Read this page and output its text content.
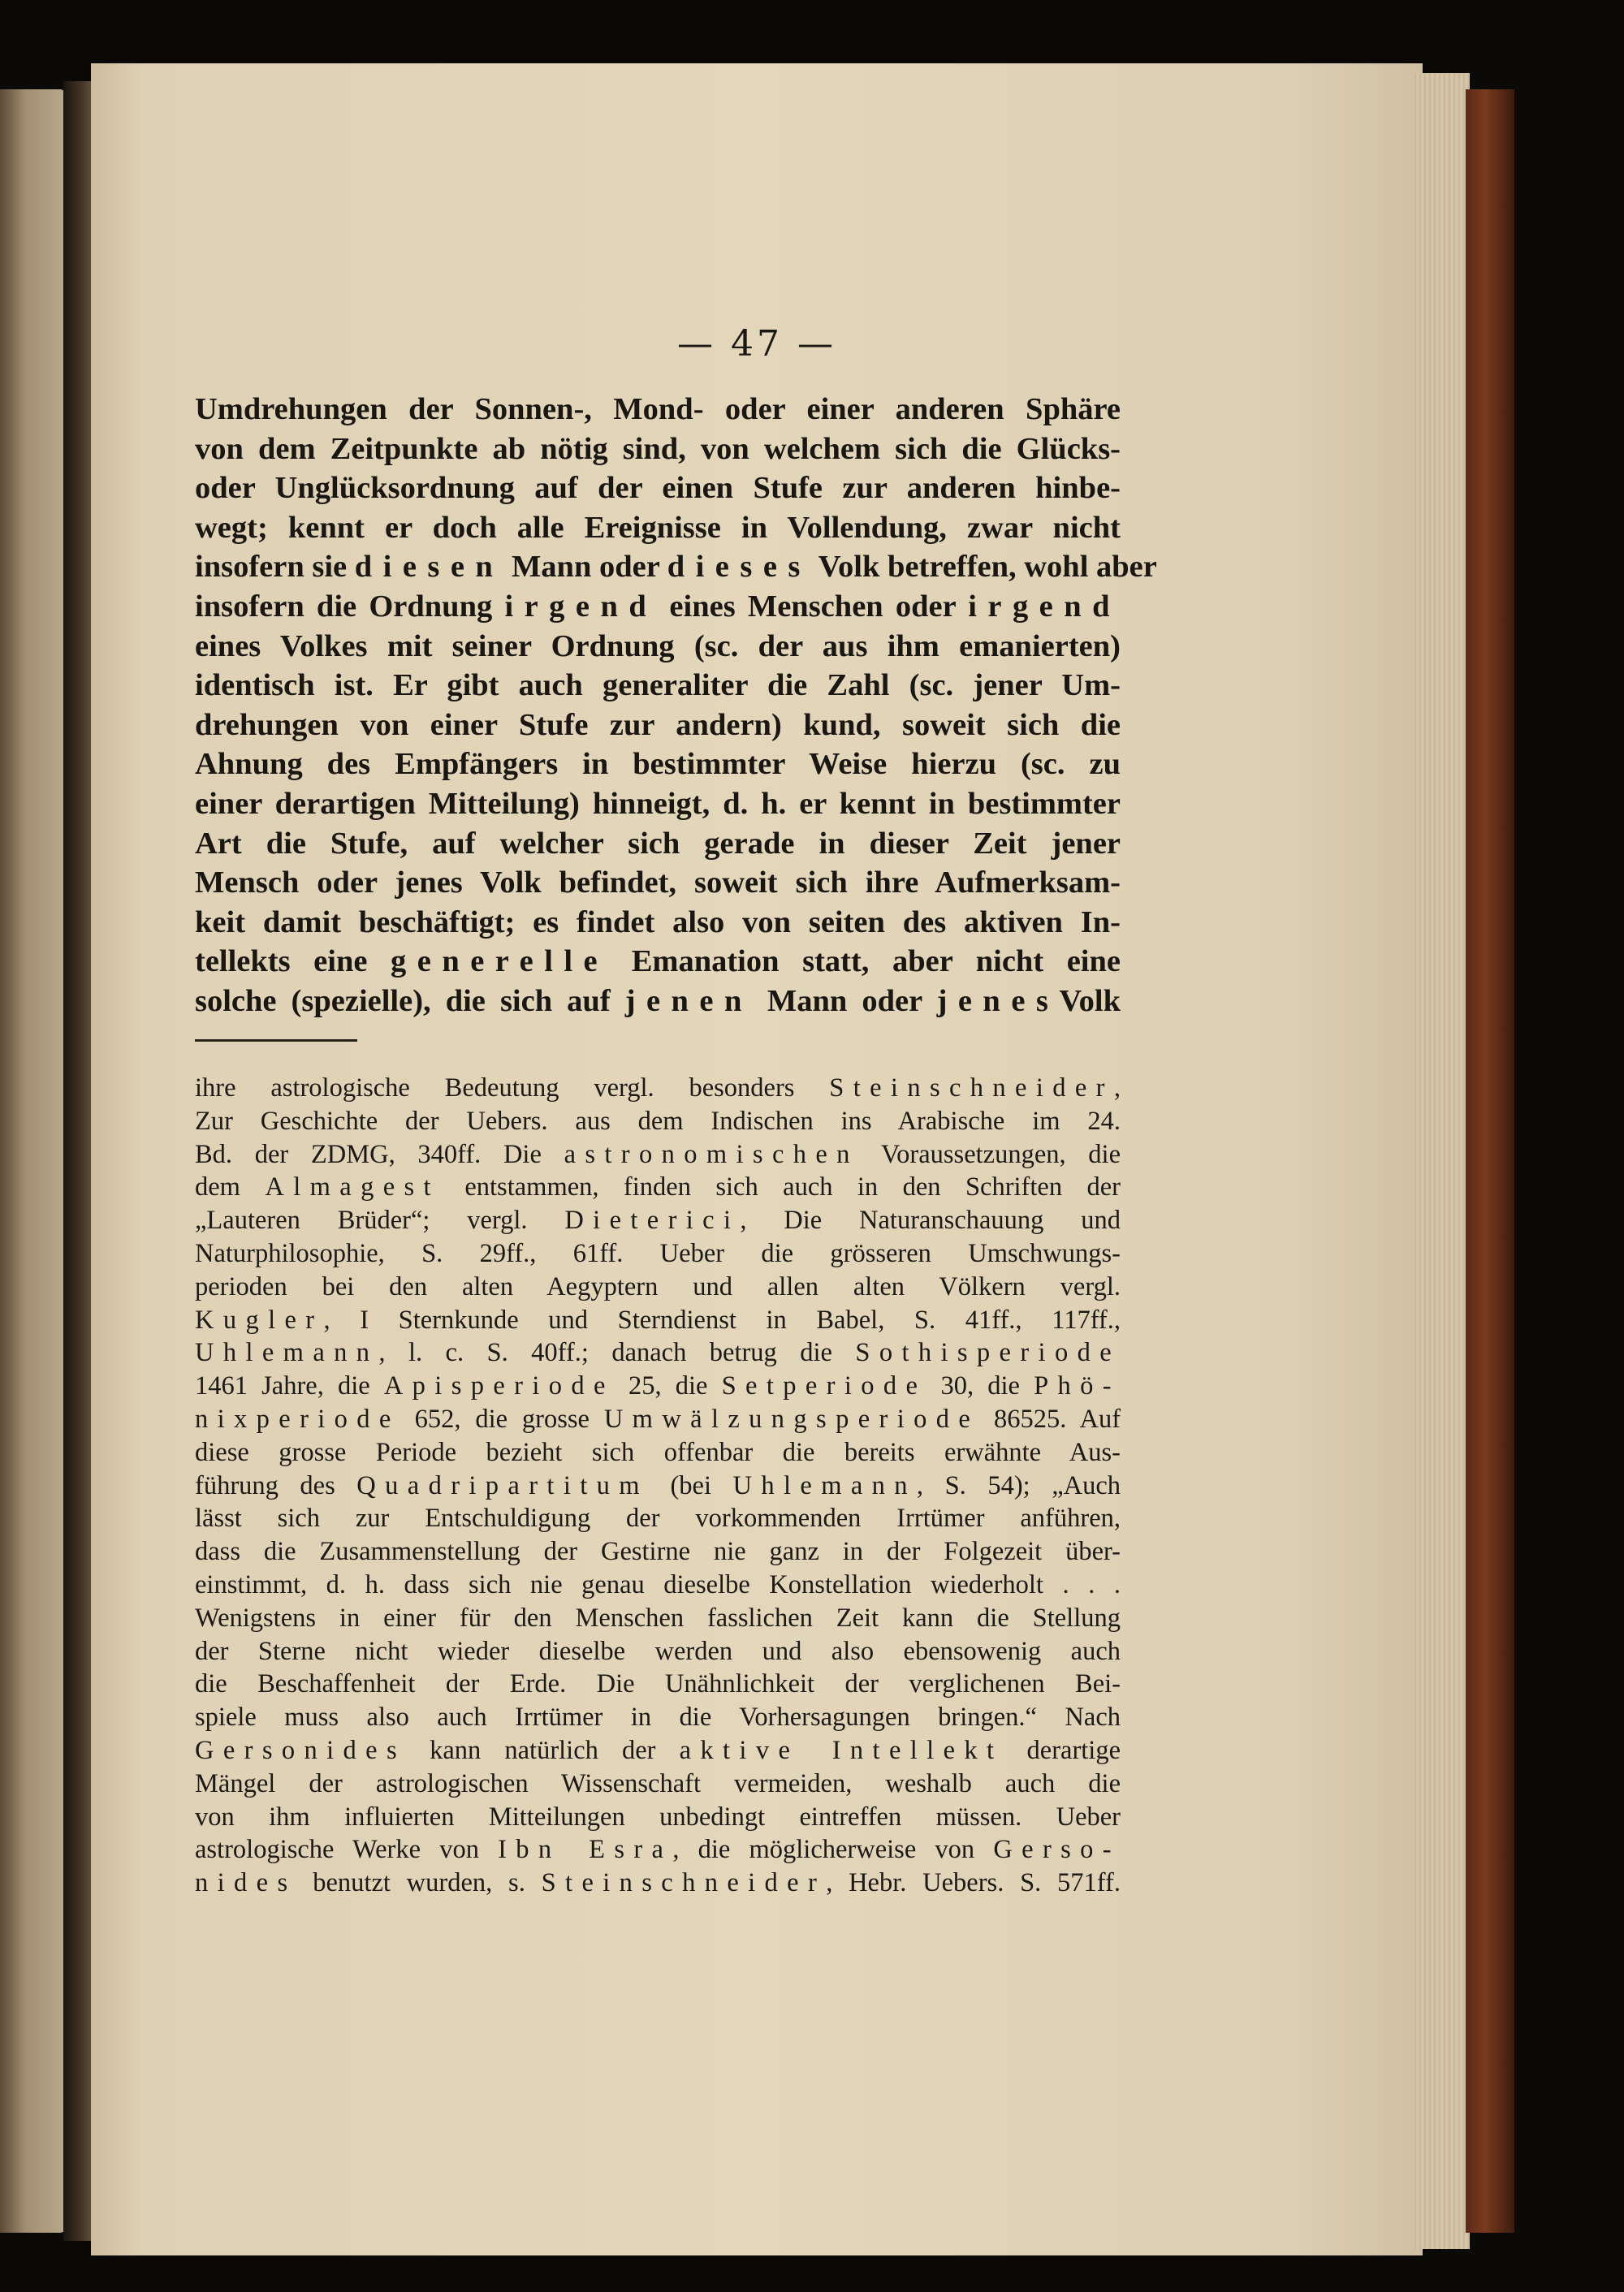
— 47 —
Umdrehungen der Sonnen-, Mond- oder einer anderen Sphäre
von dem Zeitpunkte ab nötig sind, von welchem sich die Glücks-
oder Unglücksordnung auf der einen Stufe zur anderen hinbe-
wegt; kennt er doch alle Ereignisse in Vollendung, zwar nicht
insofern sie diesen Mann oder dieses Volk betreffen, wohl aber
insofern die Ordnung irgend eines Menschen oder irgend
eines Volkes mit seiner Ordnung (sc. der aus ihm emanierten)
identisch ist. Er gibt auch generaliter die Zahl (sc. jener Um-
drehungen von einer Stufe zur andern) kund, soweit sich die
Ahnung des Empfängers in bestimmter Weise hierzu (sc. zu
einer derartigen Mitteilung) hinneigt, d. h. er kennt in bestimmter
Art die Stufe, auf welcher sich gerade in dieser Zeit jener
Mensch oder jenes Volk befindet, soweit sich ihre Aufmerksam-
keit damit beschäftigt; es findet also von seiten des aktiven In-
tellekts eine generelle Emanation statt, aber nicht eine
solche (spezielle), die sich auf jenen Mann oder jenesVolk
ihre astrologische Bedeutung vergl. besonders Steinschneider,
Zur Geschichte der Uebers. aus dem Indischen ins Arabische im 24.
Bd. der ZDMG, 340ff. Die astronomischen Voraussetzungen, die
dem Almagest entstammen, finden sich auch in den Schriften der
„Lauteren Brüder“; vergl. Dieterici, Die Naturanschauung und
Naturphilosophie, S. 29ff., 61ff. Ueber die grösseren Umschwungs-
perioden bei den alten Aegyptern und allen alten Völkern vergl.
Kugler, I Sternkunde und Sterndienst in Babel, S. 41ff., 117ff.,
Uhlemann, l. c. S. 40ff.; danach betrug die Sothisperiode
1461 Jahre, die Apisperiode 25, die Setperiode 30, die Phö-
nixperiode 652, die grosse Umwälzungsperiode 86525. Auf
diese grosse Periode bezieht sich offenbar die bereits erwähnte Aus-
führung des Quadripartitum (bei Uhlemann, S. 54); „Auch
lässt sich zur Entschuldigung der vorkommenden Irrtümer anführen,
dass die Zusammenstellung der Gestirne nie ganz in der Folgezeit über-
einstimmt, d. h. dass sich nie genau dieselbe Konstellation wiederholt . . .
Wenigstens in einer für den Menschen fasslichen Zeit kann die Stellung
der Sterne nicht wieder dieselbe werden und also ebensowenig auch
die Beschaffenheit der Erde. Die Unähnlichkeit der verglichenen Bei-
spiele muss also auch Irrtümer in die Vorhersagungen bringen.“ Nach
Gersonides kann natürlich der aktive Intellekt derartige
Mängel der astrologischen Wissenschaft vermeiden, weshalb auch die
von ihm influierten Mitteilungen unbedingt eintreffen müssen. Ueber
astrologische Werke von Ibn Esra, die möglicherweise von Gerso-
nides benutzt wurden, s. Steinschneider, Hebr. Uebers. S. 571ff.
